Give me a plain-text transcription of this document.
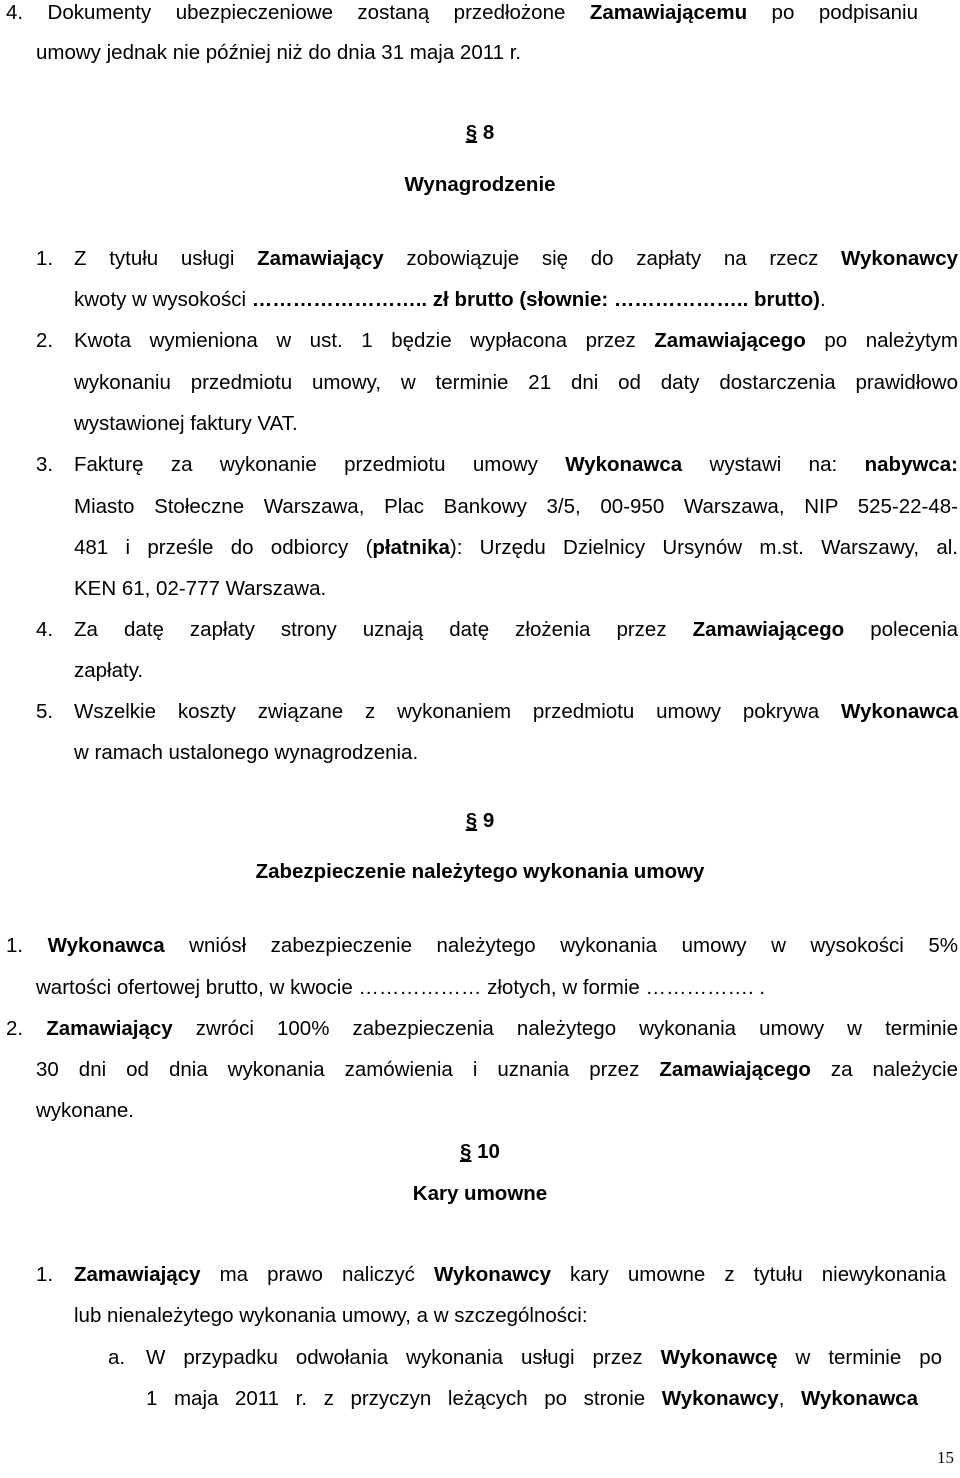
4. Dokumenty ubezpieczeniowe zostaną przedłożone Zamawiającemu po podpisaniu
umowy jednak nie później niż do dnia 31 maja 2011 r.
§ 8
Wynagrodzenie
1. Z tytułu usługi Zamawiający zobowiązuje się do zapłaty na rzecz Wykonawcy
kwoty w wysokości …………………….. zł brutto (słownie: ……………….. brutto).
2. Kwota wymieniona w ust. 1 będzie wypłacona przez Zamawiającego po należytym
wykonaniu przedmiotu umowy, w terminie 21 dni od daty dostarczenia prawidłowo
wystawionej faktury VAT.
3. Fakturę za wykonanie przedmiotu umowy Wykonawca wystawi na: nabywca:
Miasto Stołeczne Warszawa, Plac Bankowy 3/5, 00-950 Warszawa, NIP 525-22-48-
481 i prześle do odbiorcy (płatnika): Urzędu Dzielnicy Ursynów m.st. Warszawy, al.
KEN 61, 02-777 Warszawa.
4. Za datę zapłaty strony uznają datę złożenia przez Zamawiającego polecenia
zapłaty.
5. Wszelkie koszty związane z wykonaniem przedmiotu umowy pokrywa Wykonawca
w ramach ustalonego wynagrodzenia.
§ 9
Zabezpieczenie należytego wykonania umowy
1. Wykonawca wniósł zabezpieczenie należytego wykonania umowy w wysokości 5%
wartości ofertowej brutto, w kwocie ……………… złotych, w formie ……………. .
2. Zamawiający zwróci 100% zabezpieczenia należytego wykonania umowy w terminie
30 dni od dnia wykonania zamówienia i uznania przez Zamawiającego za należycie
wykonane.
§ 10
Kary umowne
1. Zamawiający ma prawo naliczyć Wykonawcy kary umowne z tytułu niewykonania
lub nienależytego wykonania umowy, a w szczególności:
a. W przypadku odwołania wykonania usługi przez Wykonawcę w terminie po
1 maja 2011 r. z przyczyn leżących po stronie Wykonawcy, Wykonawca
15
